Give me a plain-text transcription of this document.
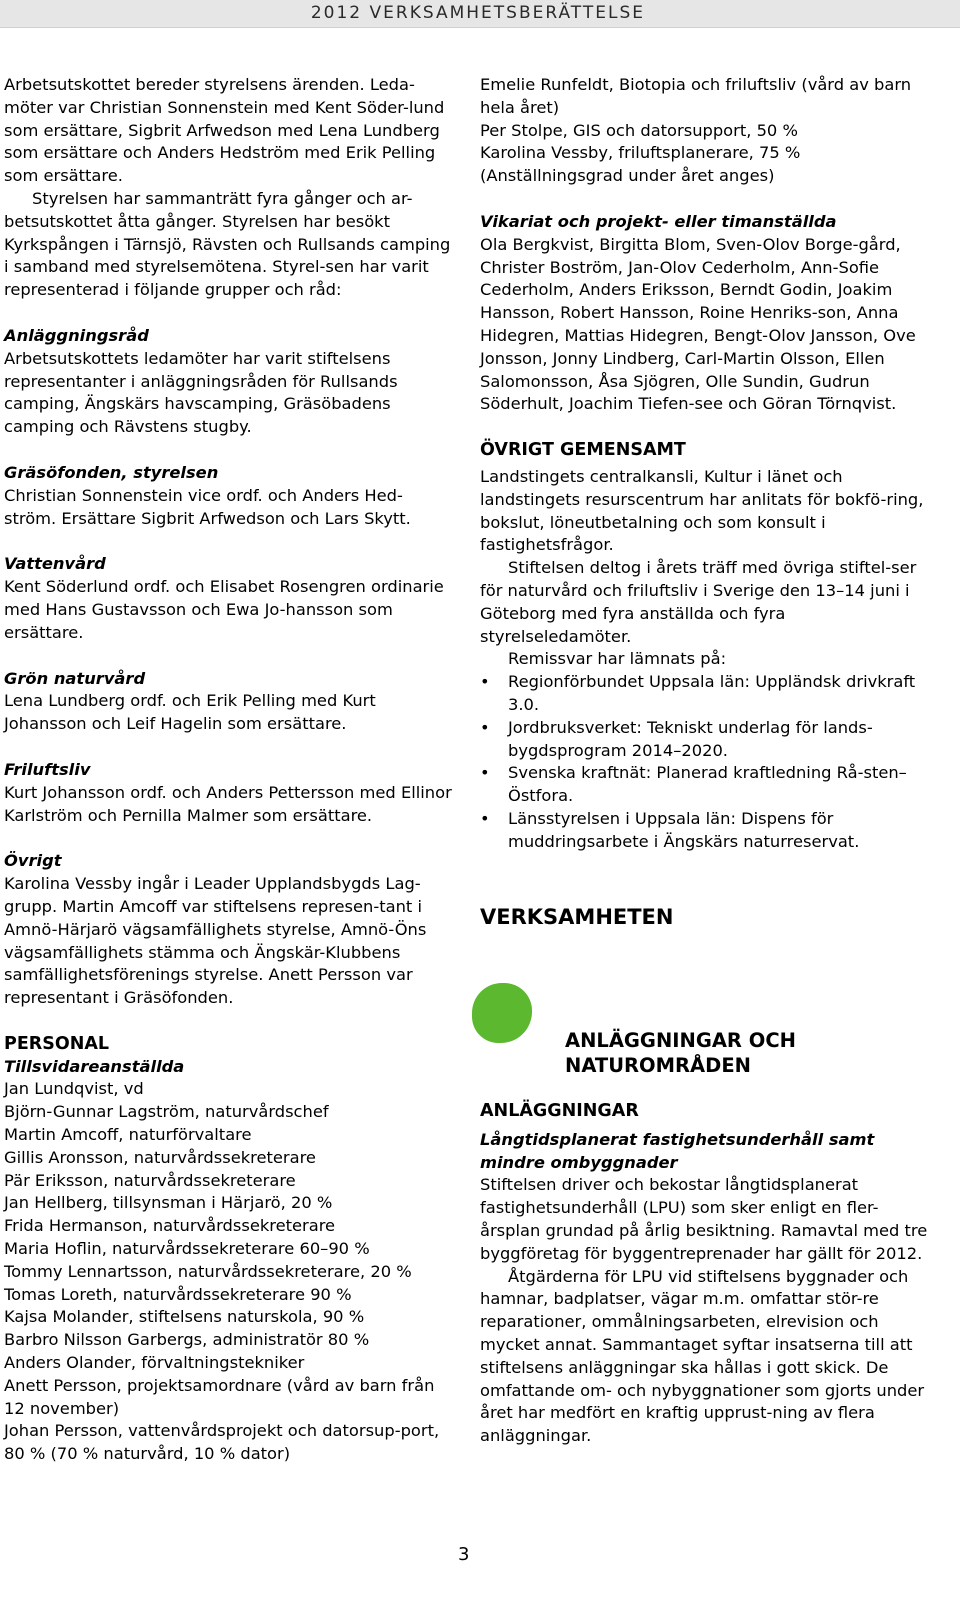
2012 VERKSAMHETSBERÄTTELSE

Arbetsutskottet bereder styrelsens ärenden. Leda-möter var Christian Sonnenstein med Kent Söder-lund som ersättare, Sigbrit Arfwedson med Lena Lundberg som ersättare och Anders Hedström med Erik Pelling som ersättare.

Styrelsen har sammanträtt fyra gånger och ar-betsutskottet åtta gånger. Styrelsen har besökt Kyrkspången i Tärnsjö, Rävsten och Rullsands camping i samband med styrelsemötena. Styrel-sen har varit representerad i följande grupper och råd:

Anläggningsråd

Arbetsutskottets ledamöter har varit stiftelsens representanter i anläggningsråden för Rullsands camping, Ängskärs havscamping, Gräsöbadens camping och Rävstens stugby.

Gräsöfonden, styrelsen

Christian Sonnenstein vice ordf. och Anders Hed-ström. Ersättare Sigbrit Arfwedson och Lars Skytt.

Vattenvård

Kent Söderlund ordf. och Elisabet Rosengren ordinarie med Hans Gustavsson och Ewa Jo-hansson som ersättare.

Grön naturvård

Lena Lundberg ordf. och Erik Pelling med Kurt Johansson och Leif Hagelin som ersättare.

Friluftsliv

Kurt Johansson ordf. och Anders Pettersson med Ellinor Karlström och Pernilla Malmer som ersättare.

Övrigt

Karolina Vessby ingår i Leader Upplandsbygds Lag-grupp. Martin Amcoff var stiftelsens represen-tant i Amnö-Härjarö vägsamfällighets styrelse, Amnö-Öns vägsamfällighets stämma och Ängskär-Klubbens samfällighetsförenings styrelse. Anett Persson var representant i Gräsöfonden.

PERSONAL

Tillsvidareanställda

Jan Lundqvist, vd

Björn-Gunnar Lagström, naturvårdschef

Martin Amcoff, naturförvaltare

Gillis Aronsson, naturvårdssekreterare

Pär Eriksson, naturvårdssekreterare

Jan Hellberg, tillsynsman i Härjarö, 20 %

Frida Hermanson, naturvårdssekreterare

Maria Hoflin, naturvårdssekreterare 60–90 %

Tommy Lennartsson, naturvårdssekreterare, 20 %

Tomas Loreth, naturvårdssekreterare 90 %

Kajsa Molander, stiftelsens naturskola, 90 %

Barbro Nilsson Garbergs, administratör 80 %

Anders Olander, förvaltningstekniker

Anett Persson, projektsamordnare (vård av barn från 12 november)

Johan Persson, vattenvårdsprojekt och datorsup-port, 80 % (70 % naturvård, 10 % dator)

Emelie Runfeldt, Biotopia och friluftsliv (vård av barn hela året)

Per Stolpe, GIS och datorsupport, 50 %

Karolina Vessby, friluftsplanerare, 75 %

(Anställningsgrad under året anges)

Vikariat och projekt- eller timanställda

Ola Bergkvist, Birgitta Blom, Sven-Olov Borge-gård, Christer Boström, Jan-Olov Cederholm, Ann-Sofie Cederholm, Anders Eriksson, Berndt Godin, Joakim Hansson, Robert Hansson, Roine Henriks-son, Anna Hidegren, Mattias Hidegren, Bengt-Olov Jansson, Ove Jonsson, Jonny Lindberg, Carl-Martin Olsson, Ellen Salomonsson, Åsa Sjögren, Olle Sundin, Gudrun Söderhult, Joachim Tiefen-see och Göran Törnqvist.

ÖVRIGT GEMENSAMT

Landstingets centralkansli, Kultur i länet och landstingets resurscentrum har anlitats för bokfö-ring, bokslut, löneutbetalning och som konsult i fastighetsfrågor.

Stiftelsen deltog i årets träff med övriga stiftel-ser för naturvård och friluftsliv i Sverige den 13–14 juni i Göteborg med fyra anställda och fyra styrelseledamöter.

Remissvar har lämnats på:

• Regionförbundet Uppsala län: Uppländsk drivkraft 3.0.
• Jordbruksverket: Tekniskt underlag för lands-bygdsprogram 2014–2020.
• Svenska kraftnät: Planerad kraftledning Rå-sten–Östfora.
• Länsstyrelsen i Uppsala län: Dispens för muddringsarbete i Ängskärs naturreservat.

VERKSAMHETEN

ANLÄGGNINGAR OCH NATUROMRÅDEN

ANLÄGGNINGAR

Långtidsplanerat fastighetsunderhåll samt mindre ombyggnader

Stiftelsen driver och bekostar långtidsplanerat fastighetsunderhåll (LPU) som sker enligt en fler-årsplan grundad på årlig besiktning. Ramavtal med tre byggföretag för byggentreprenader har gällt för 2012.

Åtgärderna för LPU vid stiftelsens byggnader och hamnar, badplatser, vägar m.m. omfattar stör-re reparationer, ommålningsarbeten, elrevision och mycket annat. Sammantaget syftar insatserna till att stiftelsens anläggningar ska hållas i gott skick. De omfattande om- och nybyggnationer som gjorts under året har medfört en kraftig upprust-ning av flera anläggningar.

3
